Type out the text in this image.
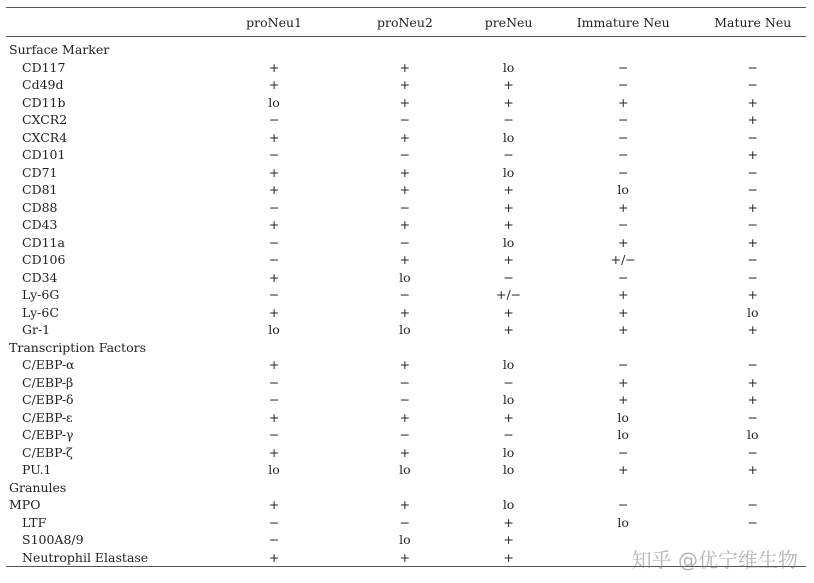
	proNeu1	proNeu2	preNeu	Immature Neu	Mature Neu
Surface Marker					
CD117	+	+	lo	−	−
Cd49d	+	+	+	−	−
CD11b	lo	+	+	+	+
CXCR2	−	−	−	−	+
CXCR4	+	+	lo	−	−
CD101	−	−	−	−	+
CD71	+	+	lo	−	−
CD81	+	+	+	lo	−
CD88	−	−	+	+	+
CD43	+	+	+	−	−
CD11a	−	−	lo	+	+
CD106	−	+	+	+/−	−
CD34	+	lo	−	−	−
Ly-6G	−	−	+/−	+	+
Ly-6C	+	+	+	+	lo
Gr-1	lo	lo	+	+	+
Transcription Factors					
C/EBP-α	+	+	lo	−	−
C/EBP-β	−	−	−	+	+
C/EBP-δ	−	−	lo	+	+
C/EBP-ε	+	+	+	lo	−
C/EBP-γ	−	−	−	lo	lo
C/EBP-ζ	+	+	lo	−	−
PU.1	lo	lo	lo	+	+
Granules					
MPO	+	+	lo	−	−
LTF	−	−	+	lo	−
S100A8/9	−	lo	+		
Neutrophil Elastase	+	+	+			知乎 @优宁维生物
